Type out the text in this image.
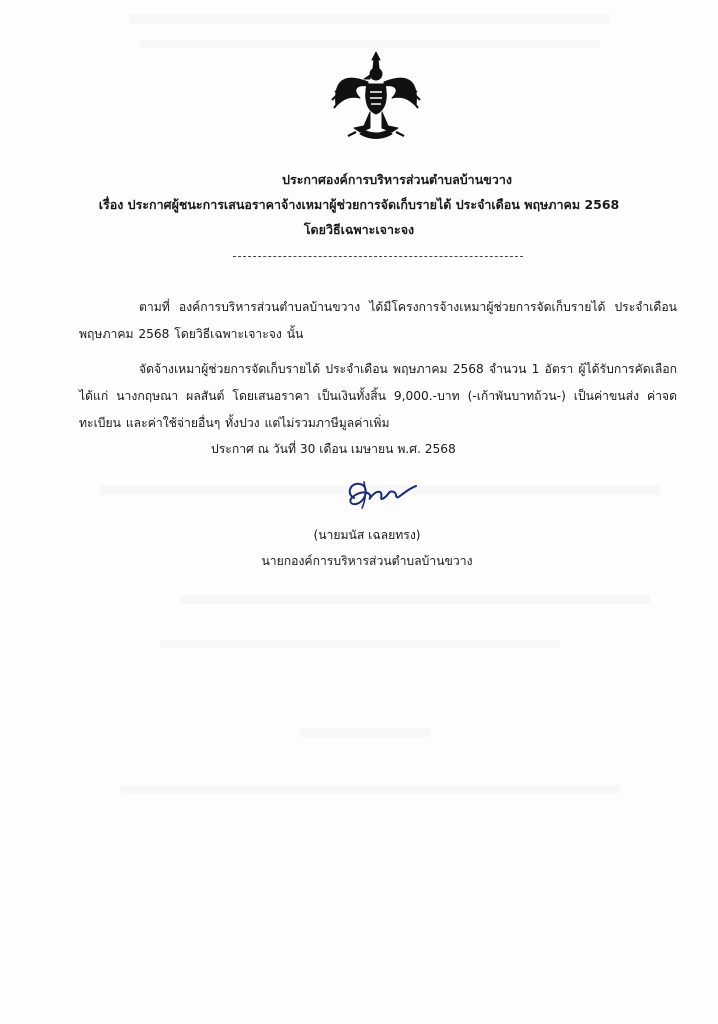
ประกาศองค์การบริหารส่วนตำบลบ้านขวาง
เรื่อง ประกาศผู้ชนะการเสนอราคาจ้างเหมาผู้ช่วยการจัดเก็บรายได้ ประจำเดือน พฤษภาคม 2568
โดยวิธีเฉพาะเจาะจง
ตามที่ องค์การบริหารส่วนตำบลบ้านขวาง ได้มีโครงการจ้างเหมาผู้ช่วยการจัดเก็บรายได้ ประจำเดือน พฤษภาคม 2568 โดยวิธีเฉพาะเจาะจง นั้น
จัดจ้างเหมาผู้ช่วยการจัดเก็บรายได้ ประจำเดือน พฤษภาคม 2568 จำนวน 1 อัตรา ผู้ได้รับการคัดเลือก ได้แก่ นางกฤษณา ผลสันต์ โดยเสนอราคา เป็นเงินทั้งสิ้น 9,000.-บาท (-เก้าพันบาทถ้วน-) เป็นค่าขนส่ง ค่าจด ทะเบียน และค่าใช้จ่ายอื่นๆ ทั้งปวง แต่ไม่รวมภาษีมูลค่าเพิ่ม
ประกาศ ณ วันที่ 30 เดือน เมษายน พ.ศ. 2568
(นายมนัส เฉลยทรง)
นายกองค์การบริหารส่วนตำบลบ้านขวาง
